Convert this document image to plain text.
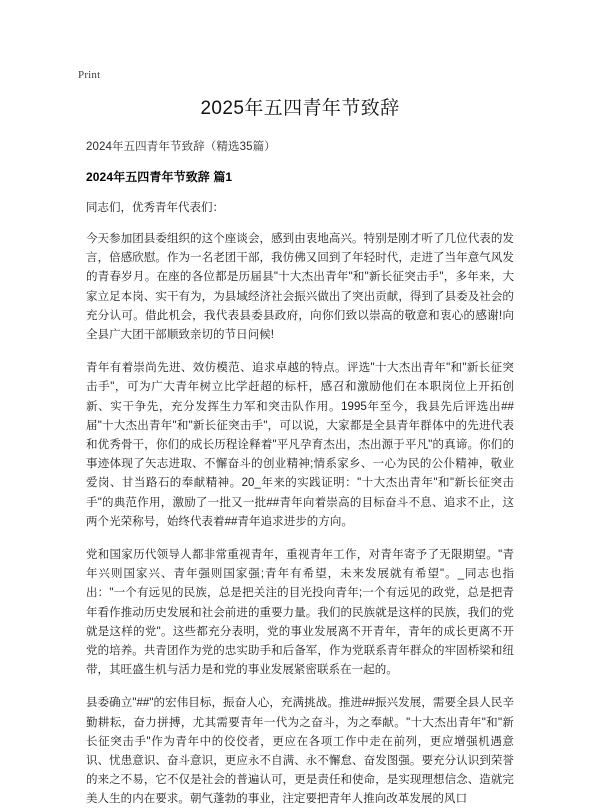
Print
2025年五四青年节致辞

2024年五四青年节致辞（精选35篇）

2024年五四青年节致辞 篇1

同志们，优秀青年代表们：

今天参加团县委组织的这个座谈会，感到由衷地高兴。特别是刚才听了几位代表的发言，倍感欣慰。作为一名老团干部，我仿佛又回到了年轻时代，走进了当年意气风发的青春岁月。在座的各位都是历届县"十大杰出青年"和"新长征突击手"，多年来，大家立足本岗、实干有为，为县域经济社会振兴做出了突出贡献，得到了县委及社会的充分认可。借此机会，我代表县委县政府，向你们致以崇高的敬意和衷心的感谢!向全县广大团干部顺致亲切的节日问候!

青年有着崇尚先进、效仿模范、追求卓越的特点。评选"十大杰出青年"和"新长征突击手"，可为广大青年树立比学赶超的标杆，感召和激励他们在本职岗位上开拓创新、实干争先，充分发挥生力军和突击队作用。1995年至今，我县先后评选出##届"十大杰出青年"和"新长征突击手"，可以说，大家都是全县青年群体中的先进代表和优秀骨干，你们的成长历程诠释着"平凡孕育杰出，杰出源于平凡"的真谛。你们的事迹体现了矢志进取、不懈奋斗的创业精神;情系家乡、一心为民的公仆精神，敬业爱岗、甘当路石的奉献精神。20_年来的实践证明："十大杰出青年"和"新长征突击手"的典范作用，激励了一批又一批##青年向着崇高的目标奋斗不息、追求不止，这两个光荣称号，始终代表着##青年追求进步的方向。

党和国家历代领导人都非常重视青年，重视青年工作，对青年寄予了无限期望。"青年兴则国家兴、青年强则国家强;青年有希望，未来发展就有希望"。_同志也指出："一个有远见的民族，总是把关注的目光投向青年;一个有远见的政党，总是把青年看作推动历史发展和社会前进的重要力量。我们的民族就是这样的民族，我们的党就是这样的党"。这些都充分表明，党的事业发展离不开青年，青年的成长更离不开党的培养。共青团作为党的忠实助手和后备军，作为党联系青年群众的牢固桥梁和纽带，其旺盛生机与活力是和党的事业发展紧密联系在一起的。

县委确立"##"的宏伟目标，振奋人心，充满挑战。推进##振兴发展，需要全县人民辛勤耕耘，奋力拼搏，尤其需要青年一代为之奋斗，为之奉献。"十大杰出青年"和"新长征突击手"作为青年中的佼佼者，更应在各项工作中走在前列，更应增强机遇意识、忧患意识、奋斗意识，更应永不自满、永不懈怠、奋发图强。要充分认识到荣誉的来之不易，它不仅是社会的普遍认可，更是责任和使命，是实现理想信念、造就完美人生的内在要求。朝气蓬勃的事业，注定要把青年人推向改革发展的风口
